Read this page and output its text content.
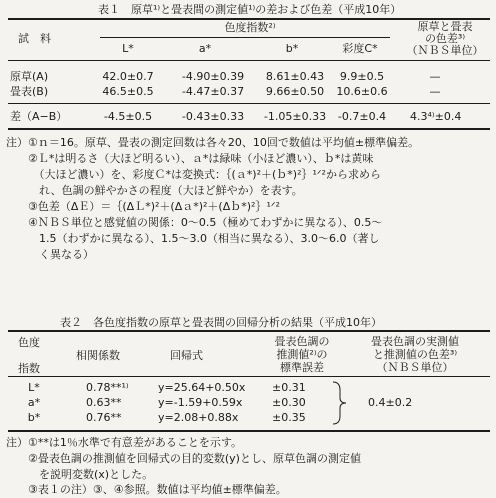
表１　原草¹⁾と畳表間の測定値¹⁾の差および色差（平成10年）
色度指数²⁾
試　料
L*	a*	b*	彩度C*
原草と畳表
の色差³⁾
（ＮＢＳ単位）
原草(A)	42.0±0.7	-4.90±0.39	8.61±0.43	9.9±0.5	—
畳表(B)	46.5±0.5	-4.47±0.37	9.66±0.50	10.6±0.6	—
差（A−B）	-4.5±0.5	-0.43±0.33	-1.05±0.33	-0.7±0.4	4.3⁴⁾±0.4
注）①ｎ＝16。原草、畳表の測定回数は各々20、10回で数値は平均値±標準偏差。
　　②Ｌ*は明るさ（大ほど明るい）、ａ*は緑味（小ほど濃い）、ｂ*は黄味
　　　（大ほど濃い）を、彩度Ｃ*は変換式：｛(ａ*)²＋(ｂ*)²｝¹ᐟ²から求めら
　　　れ、色調の鮮やかさの程度（大ほど鮮やか）を表す。
　　③色差（ΔＥ）＝｛(ΔＬ*)²＋(Δａ*)²＋(Δｂ*)²｝¹ᐟ²
　　④ＮＢＳ単位と感覚値の関係：0～0.5（極めてわずかに異なる）、0.5～
　　　1.5（わずかに異なる）、1.5～3.0（相当に異なる）、3.0～6.0（著し
　　　く異なる）
表２　各色度指数の原草と畳表間の回帰分析の結果（平成10年）
色度
指数
相関係数	回帰式
畳表色調の
推測値²⁾の
標準誤差
畳表色調の実測値
と推測値の色差³⁾
（ＮＢＳ単位）
L*	0.78**¹⁾	y=25.64+0.50x ±0.31
a*	0.63**	y=-1.59+0.59x	±0.30
b*	0.76**	y=2.08+0.88x	±0.35
0.4±0.2
注）①**は1％水準で有意差があることを示す。
　　②畳表色調の推測値を回帰式の目的変数(y)とし、原草色調の測定値
　　　を説明変数(x)とした。
　　③表１の注）③、④参照。数値は平均値±標準偏差。
